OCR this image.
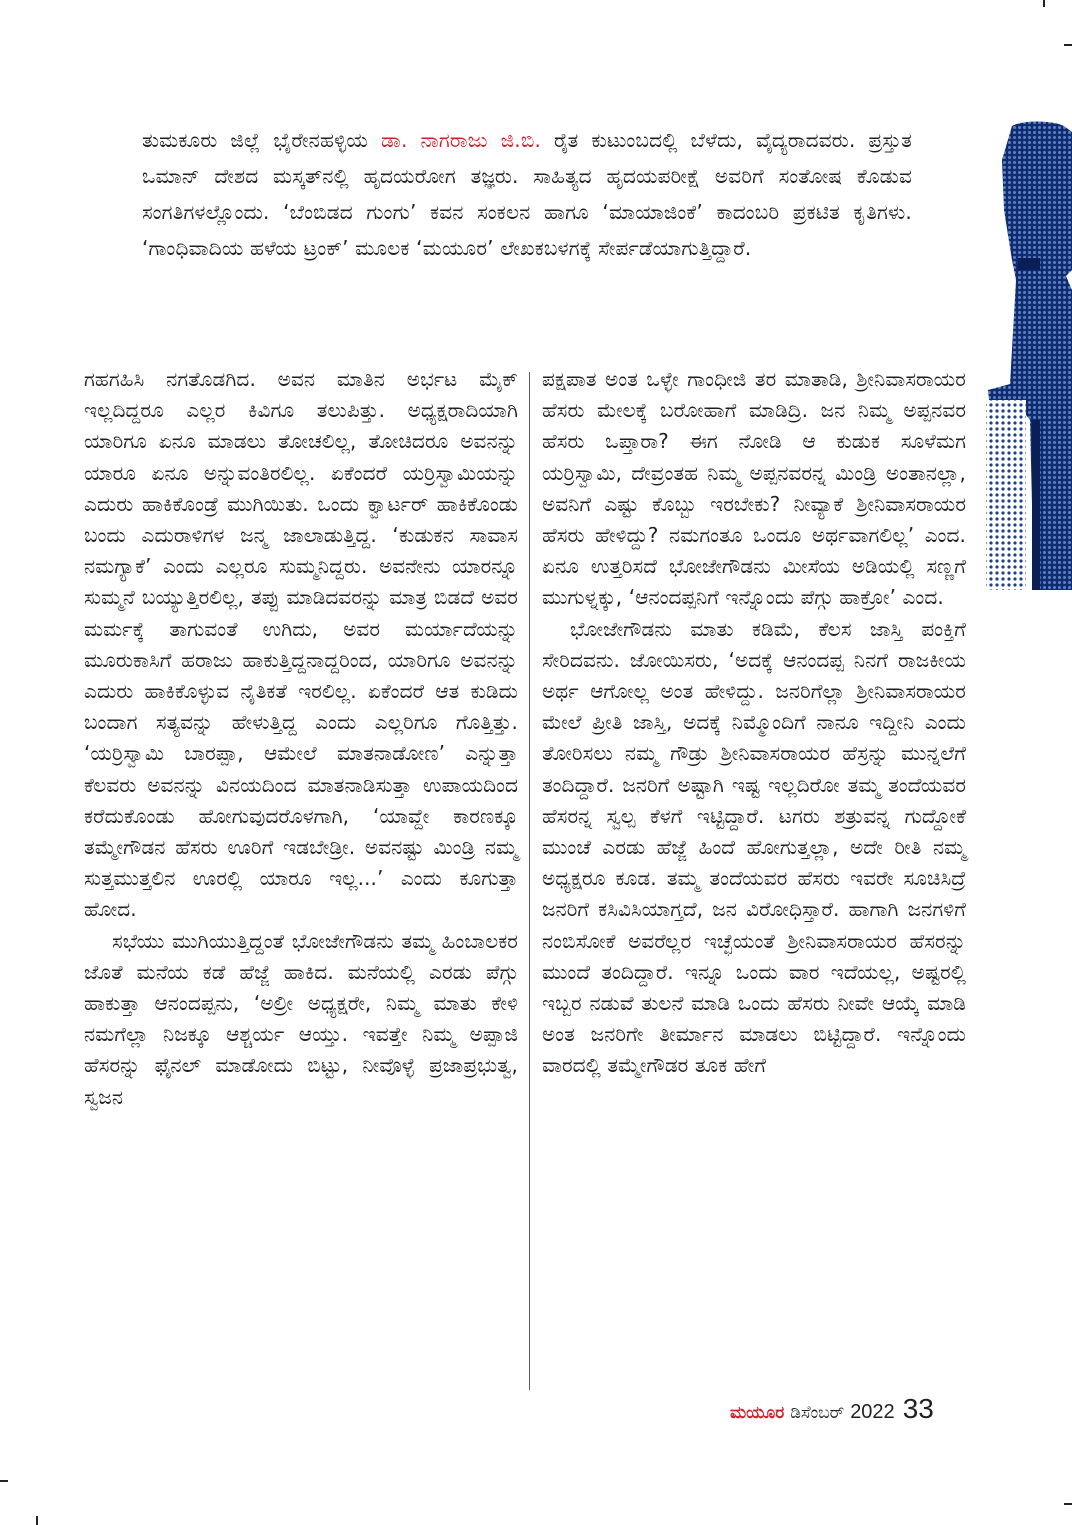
ತುಮಕೂರು ಜಿಲ್ಲೆ ಭೈರೇನಹಳ್ಳಿಯ ಡಾ. ನಾಗರಾಜು ಜಿ.ಬಿ. ರೈತ ಕುಟುಂಬದಲ್ಲಿ ಬೆಳೆದು, ವೈದ್ಯರಾದವರು. ಪ್ರಸ್ತುತ ಒಮಾನ್ ದೇಶದ ಮಸ್ಕತ್‌ನಲ್ಲಿ ಹೃದಯರೋಗ ತಜ್ಞರು. ಸಾಹಿತ್ಯದ ಹೃದಯಪರೀಕ್ಷೆ ಅವರಿಗೆ ಸಂತೋಷ ಕೊಡುವ ಸಂಗತಿಗಳಲ್ಲೊಂದು. ‘ಬೆಂಬಿಡದ ಗುಂಗು’ ಕವನ ಸಂಕಲನ ಹಾಗೂ ‘ಮಾಯಾಜಿಂಕೆ’ ಕಾದಂಬರಿ ಪ್ರಕಟಿತ ಕೃತಿಗಳು. ‘ಗಾಂಧಿವಾದಿಯ ಹಳೆಯ ಟ್ರಂಕ್’ ಮೂಲಕ ‘ಮಯೂರ’ ಲೇಖಕಬಳಗಕ್ಕೆ ಸೇರ್ಪಡೆಯಾಗುತ್ತಿದ್ದಾರೆ.

ಗಹಗಹಿಸಿ ನಗತೊಡಗಿದ. ಅವನ ಮಾತಿನ ಅರ್ಭಟ ಮೈಕ್ ಇಲ್ಲದಿದ್ದರೂ ಎಲ್ಲರ ಕಿವಿಗೂ ತಲುಪಿತ್ತು. ಅಧ್ಯಕ್ಷರಾದಿಯಾಗಿ ಯಾರಿಗೂ ಏನೂ ಮಾಡಲು ತೋಚಲಿಲ್ಲ, ತೋಚಿದರೂ ಅವನನ್ನು ಯಾರೂ ಏನೂ ಅನ್ನುವಂತಿರಲಿಲ್ಲ. ಏಕೆಂದರೆ ಯರ್‍ರಿಸ್ವಾಮಿಯನ್ನು ಎದುರು ಹಾಕಿಕೊಂಡ್ರೆ ಮುಗಿಯಿತು. ಒಂದು ಕ್ವಾರ್ಟರ್ ಹಾಕಿಕೊಂಡು ಬಂದು ಎದುರಾಳಿಗಳ ಜನ್ಮ ಜಾಲಾಡುತ್ತಿದ್ದ. ‘ಕುಡುಕನ ಸಾವಾಸ ನಮಗ್ಯಾಕೆ’ ಎಂದು ಎಲ್ಲರೂ ಸುಮ್ಮನಿದ್ದರು. ಅವನೇನು ಯಾರನ್ನೂ ಸುಮ್ಮನೆ ಬಯ್ಯುತ್ತಿರಲಿಲ್ಲ, ತಪ್ಪು ಮಾಡಿದವರನ್ನು ಮಾತ್ರ ಬಿಡದೆ ಅವರ ಮರ್ಮಕ್ಕೆ ತಾಗುವಂತೆ ಉಗಿದು, ಅವರ ಮರ್ಯಾದೆಯನ್ನು ಮೂರುಕಾಸಿಗೆ ಹರಾಜು ಹಾಕುತ್ತಿದ್ದನಾದ್ದರಿಂದ, ಯಾರಿಗೂ ಅವನನ್ನು ಎದುರು ಹಾಕಿಕೊಳ್ಳುವ ನೈತಿಕತೆ ಇರಲಿಲ್ಲ. ಏಕೆಂದರೆ ಆತ ಕುಡಿದು ಬಂದಾಗ ಸತ್ಯವನ್ನು ಹೇಳುತ್ತಿದ್ದ ಎಂದು ಎಲ್ಲರಿಗೂ ಗೊತ್ತಿತ್ತು. ‘ಯರ್‍ರಿಸ್ವಾಮಿ ಬಾರಪ್ಪಾ, ಆಮೇಲೆ ಮಾತನಾಡೋಣ’ ಎನ್ನುತ್ತಾ ಕೆಲವರು ಅವನನ್ನು ವಿನಯದಿಂದ ಮಾತನಾಡಿಸುತ್ತಾ ಉಪಾಯದಿಂದ ಕರೆದುಕೊಂಡು ಹೋಗುವುದರೊಳಗಾಗಿ, ‘ಯಾವ್ದೇ ಕಾರಣಕ್ಕೂ ತಮ್ಮೇಗೌಡನ ಹೆಸರು ಊರಿಗೆ ಇಡಬೇಡ್ರೀ. ಅವನಷ್ಟು ಮಿಂಡ್ರಿ ನಮ್ಮ ಸುತ್ತಮುತ್ತಲಿನ ಊರಲ್ಲಿ ಯಾರೂ ಇಲ್ಲ...’ ಎಂದು ಕೂಗುತ್ತಾ ಹೋದ.

ಸಭೆಯು ಮುಗಿಯುತ್ತಿದ್ದಂತೆ ಭೋಜೇಗೌಡನು ತಮ್ಮ ಹಿಂಬಾಲಕರ ಜೊತೆ ಮನೆಯ ಕಡೆ ಹೆಜ್ಜೆ ಹಾಕಿದ. ಮನೆಯಲ್ಲಿ ಎರಡು ಪೆಗ್ಗು ಹಾಕುತ್ತಾ ಆನಂದಪ್ಪನು, ‘ಅಲ್ರೀ ಅಧ್ಯಕ್ಷರೇ, ನಿಮ್ಮ ಮಾತು ಕೇಳಿ ನಮಗೆಲ್ಲಾ ನಿಜಕ್ಕೂ ಆಶ್ಚರ್ಯ ಆಯ್ತು. ಇವತ್ತೇ ನಿಮ್ಮ ಅಪ್ಪಾಜಿ ಹೆಸರನ್ನು ಫೈನಲ್ ಮಾಡೋದು ಬಿಟ್ಟು, ನೀವೊಳ್ಳೆ ಪ್ರಜಾಪ್ರಭುತ್ವ, ಸ್ವಜನ

ಪಕ್ಷಪಾತ ಅಂತ ಒಳ್ಳೇ ಗಾಂಧೀಜಿ ತರ ಮಾತಾಡಿ, ಶ್ರೀನಿವಾಸರಾಯರ ಹೆಸರು ಮೇಲಕ್ಕೆ ಬರೋಹಾಗೆ ಮಾಡಿದ್ರಿ. ಜನ ನಿಮ್ಮ ಅಪ್ಪನವರ ಹೆಸರು ಒಪ್ತಾರಾ? ಈಗ ನೋಡಿ ಆ ಕುಡುಕ ಸೂಳೆಮಗ ಯರ್‍ರಿಸ್ವಾಮಿ, ದೇವ್ರಂತಹ ನಿಮ್ಮ ಅಪ್ಪನವರನ್ನ ಮಿಂಡ್ರಿ ಅಂತಾನಲ್ಲಾ, ಅವನಿಗೆ ಎಷ್ಟು ಕೊಬ್ಬು ಇರಬೇಕು? ನೀವ್ಯಾಕೆ ಶ್ರೀನಿವಾಸರಾಯರ ಹೆಸರು ಹೇಳಿದ್ದು? ನಮಗಂತೂ ಒಂದೂ ಅರ್ಥವಾಗಲಿಲ್ಲ’ ಎಂದ. ಏನೂ ಉತ್ತರಿಸದೆ ಭೋಜೇಗೌಡನು ಮೀಸೆಯ ಅಡಿಯಲ್ಲಿ ಸಣ್ಣಗೆ ಮುಗುಳ್ನಕ್ಕು, ‘ಆನಂದಪ್ಪನಿಗೆ ಇನ್ನೊಂದು ಪೆಗ್ಗು ಹಾಕ್ರೋ’ ಎಂದ.

ಭೋಜೇಗೌಡನು ಮಾತು ಕಡಿಮೆ, ಕೆಲಸ ಜಾಸ್ತಿ ಪಂಕ್ತಿಗೆ ಸೇರಿದವನು. ಜೋಯಿಸರು, ‘ಅದಕ್ಕೆ ಆನಂದಪ್ಪ ನಿನಗೆ ರಾಜಕೀಯ ಅರ್ಥ ಆಗೋಲ್ಲ ಅಂತ ಹೇಳಿದ್ದು. ಜನರಿಗೆಲ್ಲಾ ಶ್ರೀನಿವಾಸರಾಯರ ಮೇಲೆ ಪ್ರೀತಿ ಜಾಸ್ತಿ, ಅದಕ್ಕೆ ನಿಮ್ಮೊಂದಿಗೆ ನಾನೂ ಇದ್ದೀನಿ ಎಂದು ತೋರಿಸಲು ನಮ್ಮ ಗೌಡ್ರು ಶ್ರೀನಿವಾಸರಾಯರ ಹೆಸ್ರನ್ನು ಮುನ್ನಲೆಗೆ ತಂದಿದ್ದಾರೆ. ಜನರಿಗೆ ಅಷ್ಟಾಗಿ ಇಷ್ಟ ಇಲ್ಲದಿರೋ ತಮ್ಮ ತಂದೆಯವರ ಹೆಸರನ್ನ ಸ್ವಲ್ಪ ಕೆಳಗೆ ಇಟ್ಟಿದ್ದಾರೆ. ಟಗರು ಶತ್ರುವನ್ನ ಗುದ್ದೋಕೆ ಮುಂಚೆ ಎರಡು ಹೆಜ್ಜೆ ಹಿಂದೆ ಹೋಗುತ್ತಲ್ಲಾ, ಅದೇ ರೀತಿ ನಮ್ಮ ಅಧ್ಯಕ್ಷರೂ ಕೂಡ. ತಮ್ಮ ತಂದೆಯವರ ಹೆಸರು ಇವರೇ ಸೂಚಿಸಿದ್ರೆ ಜನರಿಗೆ ಕಸಿವಿಸಿಯಾಗ್ತದೆ, ಜನ ವಿರೋಧಿಸ್ತಾರೆ. ಹಾಗಾಗಿ ಜನಗಳಿಗೆ ನಂಬಿಸೋಕೆ ಅವರೆಲ್ಲರ ಇಚ್ಛೆಯಂತೆ ಶ್ರೀನಿವಾಸರಾಯರ ಹೆಸರನ್ನು ಮುಂದೆ ತಂದಿದ್ದಾರೆ. ಇನ್ನೂ ಒಂದು ವಾರ ಇದೆಯಲ್ಲ, ಅಷ್ಟರಲ್ಲಿ ಇಬ್ಬರ ನಡುವೆ ತುಲನೆ ಮಾಡಿ ಒಂದು ಹೆಸರು ನೀವೇ ಆಯ್ಕೆ ಮಾಡಿ ಅಂತ ಜನರಿಗೇ ತೀರ್ಮಾನ ಮಾಡಲು ಬಿಟ್ಟಿದ್ದಾರೆ. ಇನ್ನೊಂದು ವಾರದಲ್ಲಿ ತಮ್ಮೇಗೌಡರ ತೂಕ ಹೇಗೆ

ಮಯೂರ ಡಿಸೆಂಬರ್ 2022 33
